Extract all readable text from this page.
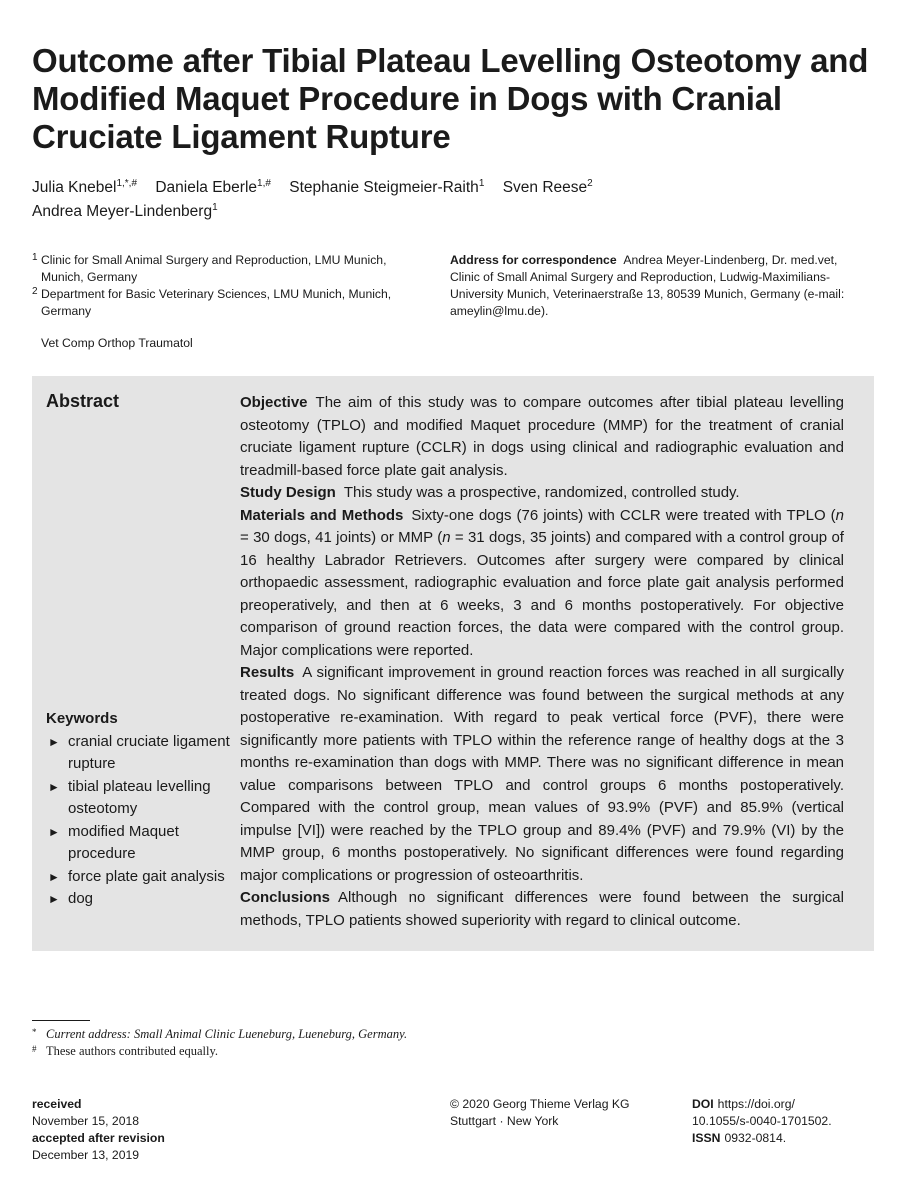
Outcome after Tibial Plateau Levelling Osteotomy and Modified Maquet Procedure in Dogs with Cranial Cruciate Ligament Rupture
Julia Knebel$^{1,*,\#}$ Daniela Eberle$^{1,\#}$ Stephanie Steigmeier-Raith$^1$ Sven Reese$^2$
Andrea Meyer-Lindenberg$^1$
1 Clinic for Small Animal Surgery and Reproduction, LMU Munich, Munich, Germany
2 Department for Basic Veterinary Sciences, LMU Munich, Munich, Germany
Vet Comp Orthop Traumatol
Address for correspondence Andrea Meyer-Lindenberg, Dr. med.vet, Clinic of Small Animal Surgery and Reproduction, Ludwig-Maximilians-University Munich, Veterinaerstraße 13, 80539 Munich, Germany (e-mail: ameylin@lmu.de).
Abstract	Objective The aim of this study was to compare outcomes after tibial plateau levelling osteotomy (TPLO) and modified Maquet procedure (MMP) for the treatment of cranial cruciate ligament rupture (CCLR) in dogs using clinical and radiographic evaluation and treadmill-based force plate gait analysis.

Study Design This study was a prospective, randomized, controlled study.

Materials and Methods Sixty-one dogs (76 joints) with CCLR were treated with TPLO (n = 30 dogs, 41 joints) or MMP (n = 31 dogs, 35 joints) and compared with a control group of 16 healthy Labrador Retrievers. Outcomes after surgery were compared by clinical orthopaedic assessment, radiographic evaluation and force plate gait analysis performed preoperatively, and then at 6 weeks, 3 and 6 months postoperatively. For objective comparison of ground reaction forces, the data were compared with the control group. Major complications were reported.

Results A significant improvement in ground reaction forces was reached in all surgically treated dogs. No significant difference was found between the surgical methods at any postoperative re-examination. With regard to peak vertical force (PVF), there were significantly more patients with TPLO within the reference range of healthy dogs at the 3 months re-examination than dogs with MMP. There was no significant difference in mean value comparisons between TPLO and control groups 6 months postoperatively. Compared with the control group, mean values of 93.9% (PVF) and 85.9% (vertical impulse [VI]) were reached by the TPLO group and 89.4% (PVF) and 79.9% (VI) by the MMP group, 6 months postoperatively. No significant differences were found regarding major complications or progression of osteoarthritis.

Conclusions Although no significant differences were found between the surgical methods, TPLO patients showed superiority with regard to clinical outcome.

Keywords

► cranial cruciate ligament rupture
► tibial plateau levelling osteotomy
► modified Maquet procedure
► force plate gait analysis
► dog
* Current address: Small Animal Clinic Lueneburg, Lueneburg, Germany.
# These authors contributed equally.
received
November 15, 2018
accepted after revision
December 13, 2019
© 2020 Georg Thieme Verlag KG
Stuttgart · New York
DOI https://doi.org/
10.1055/s-0040-1701502.
ISSN 0932-0814.
